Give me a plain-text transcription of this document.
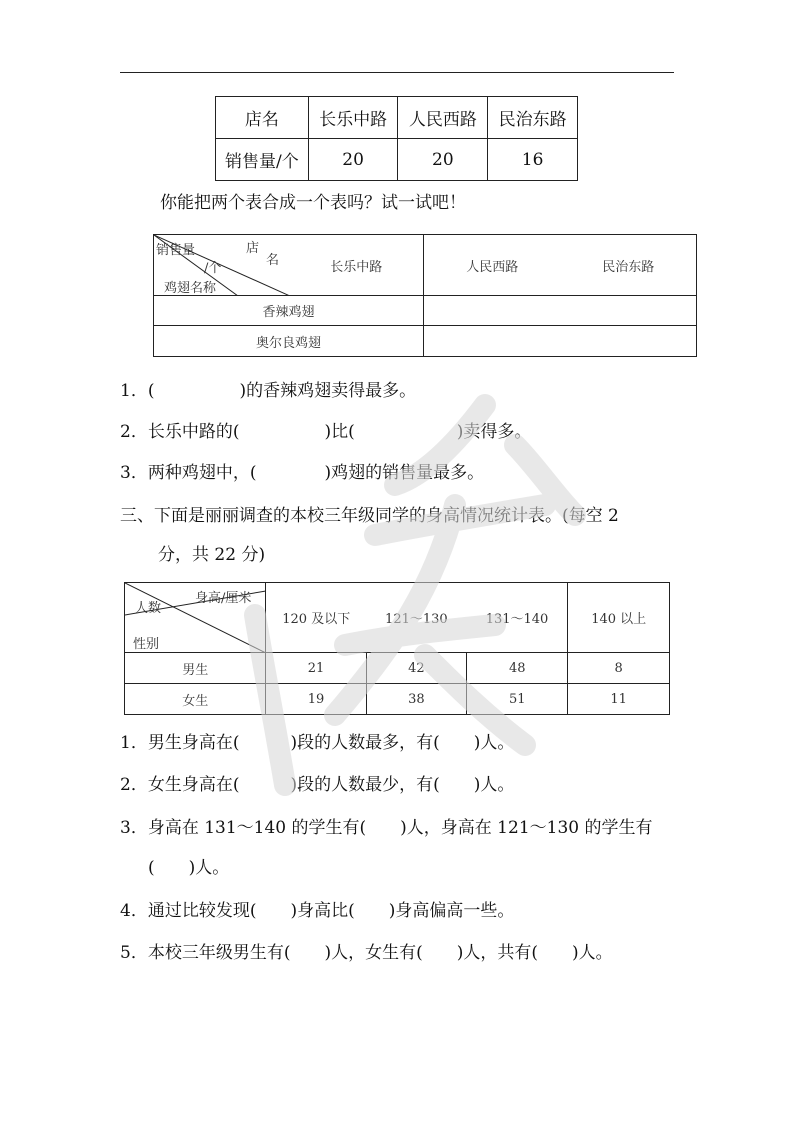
店名	长乐中路	人民西路	民治东路
销售量/个	20	20	16
你能把两个表合成一个表吗？试一试吧！
店
名
销售量
/个
鸡翅名称	长乐中路	人民西路	民治东路
香辣鸡翅			
奥尔良鸡翅			
1．(　　　　　)的香辣鸡翅卖得最多。
2．长乐中路的(　　　　　)比(　　　　　　)卖得多。
3．两种鸡翅中，(　　　　)鸡翅的销售量最多。
三、下面是丽丽调查的本校三年级同学的身高情况统计表。(每空 2
分，共 22 分)
身高/厘米
人数
性别	120 及以下	121～130	131～140	140 以上
男生	21	42	48	8
女生	19	38	51	11
1．男生身高在(　　　)段的人数最多，有(　　)人。
2．女生身高在(　　　)段的人数最少，有(　　)人。
3．身高在 131～140 的学生有(　　)人，身高在 121～130 的学生有
(　　)人。
4．通过比较发现(　　)身高比(　　)身高偏高一些。
5．本校三年级男生有(　　)人，女生有(　　)人，共有(　　)人。
